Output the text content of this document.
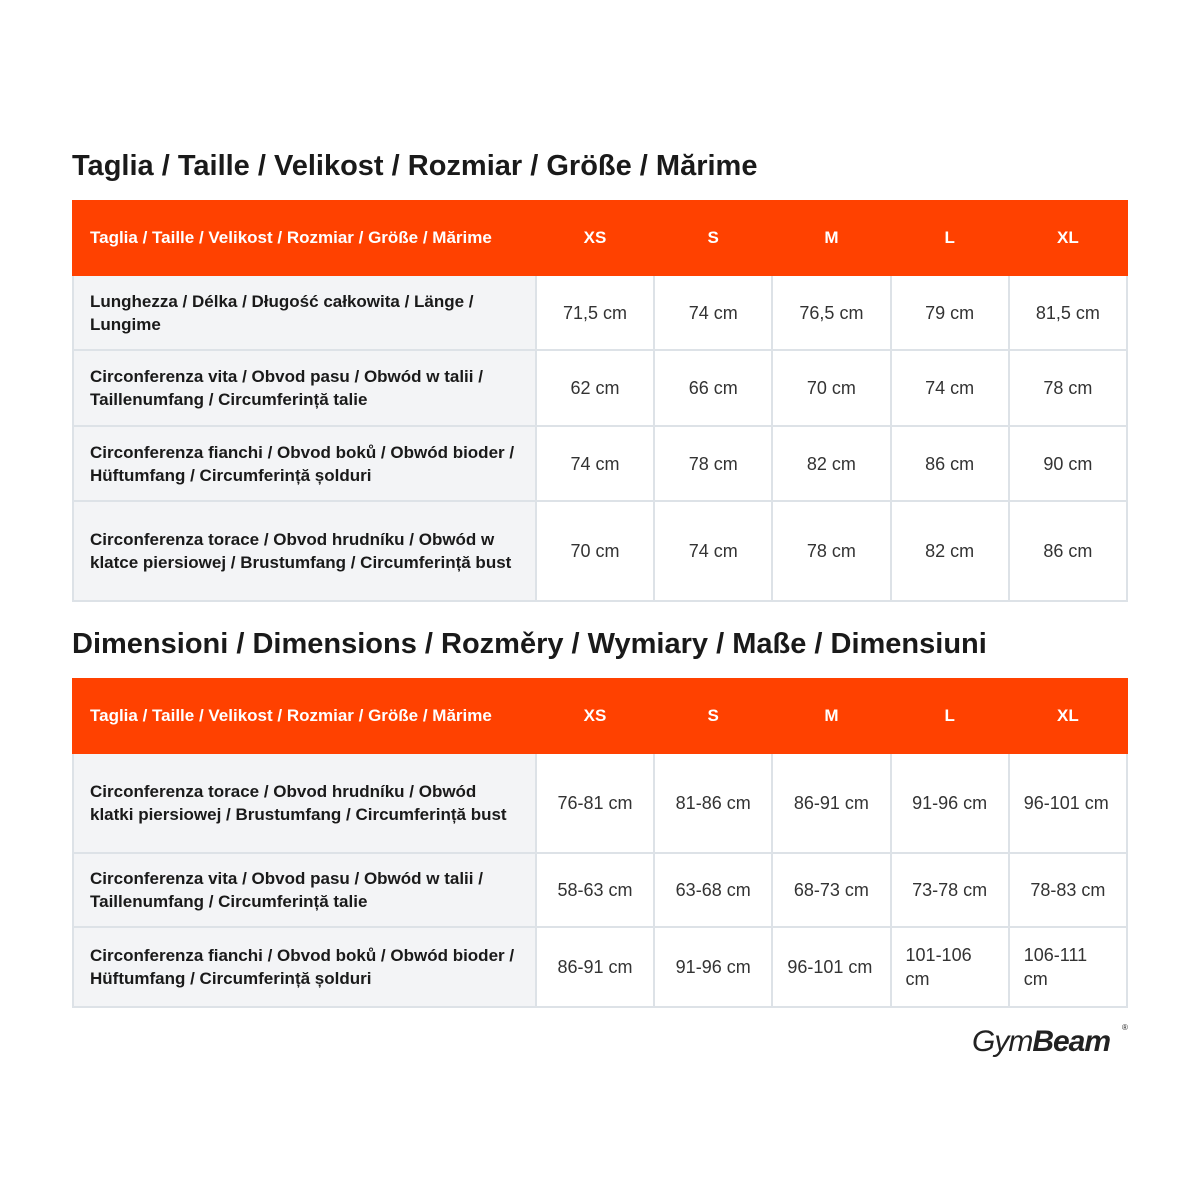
Taglia / Taille / Velikost / Rozmiar / Größe / Mărime
Taglia / Taille / Velikost / Rozmiar / Größe / Mărime	XS	S	M	L	XL
Lunghezza / Délka / Długość całkowita / Länge / Lungime	71,5 cm	74 cm	76,5 cm	79 cm	81,5 cm
Circonferenza vita / Obvod pasu / Obwód w talii / Taillenumfang / Circumferință talie	62 cm	66 cm	70 cm	74 cm	78 cm
Circonferenza fianchi / Obvod boků / Obwód bioder / Hüftumfang / Circumferință șolduri	74 cm	78 cm	82 cm	86 cm	90 cm
Circonferenza torace / Obvod hrudníku / Obwód w klatce piersiowej / Brustumfang / Circumferință bust	70 cm	74 cm	78 cm	82 cm	86 cm
Dimensioni / Dimensions / Rozměry / Wymiary / Maße / Dimensiuni
Taglia / Taille / Velikost / Rozmiar / Größe / Mărime	XS	S	M	L	XL
Circonferenza torace / Obvod hrudníku / Obwód klatki piersiowej / Brustumfang / Circumferință bust	76-81 cm	81-86 cm	86-91 cm	91-96 cm	96-101 cm
Circonferenza vita / Obvod pasu / Obwód w talii / Taillenumfang / Circumferință talie	58-63 cm	63-68 cm	68-73 cm	73-78 cm	78-83 cm
Circonferenza fianchi / Obvod boků / Obwód bioder / Hüftumfang / Circumferință șolduri	86-91 cm	91-96 cm	96-101 cm	101-106 cm	106-111 cm
GymBeam ®
